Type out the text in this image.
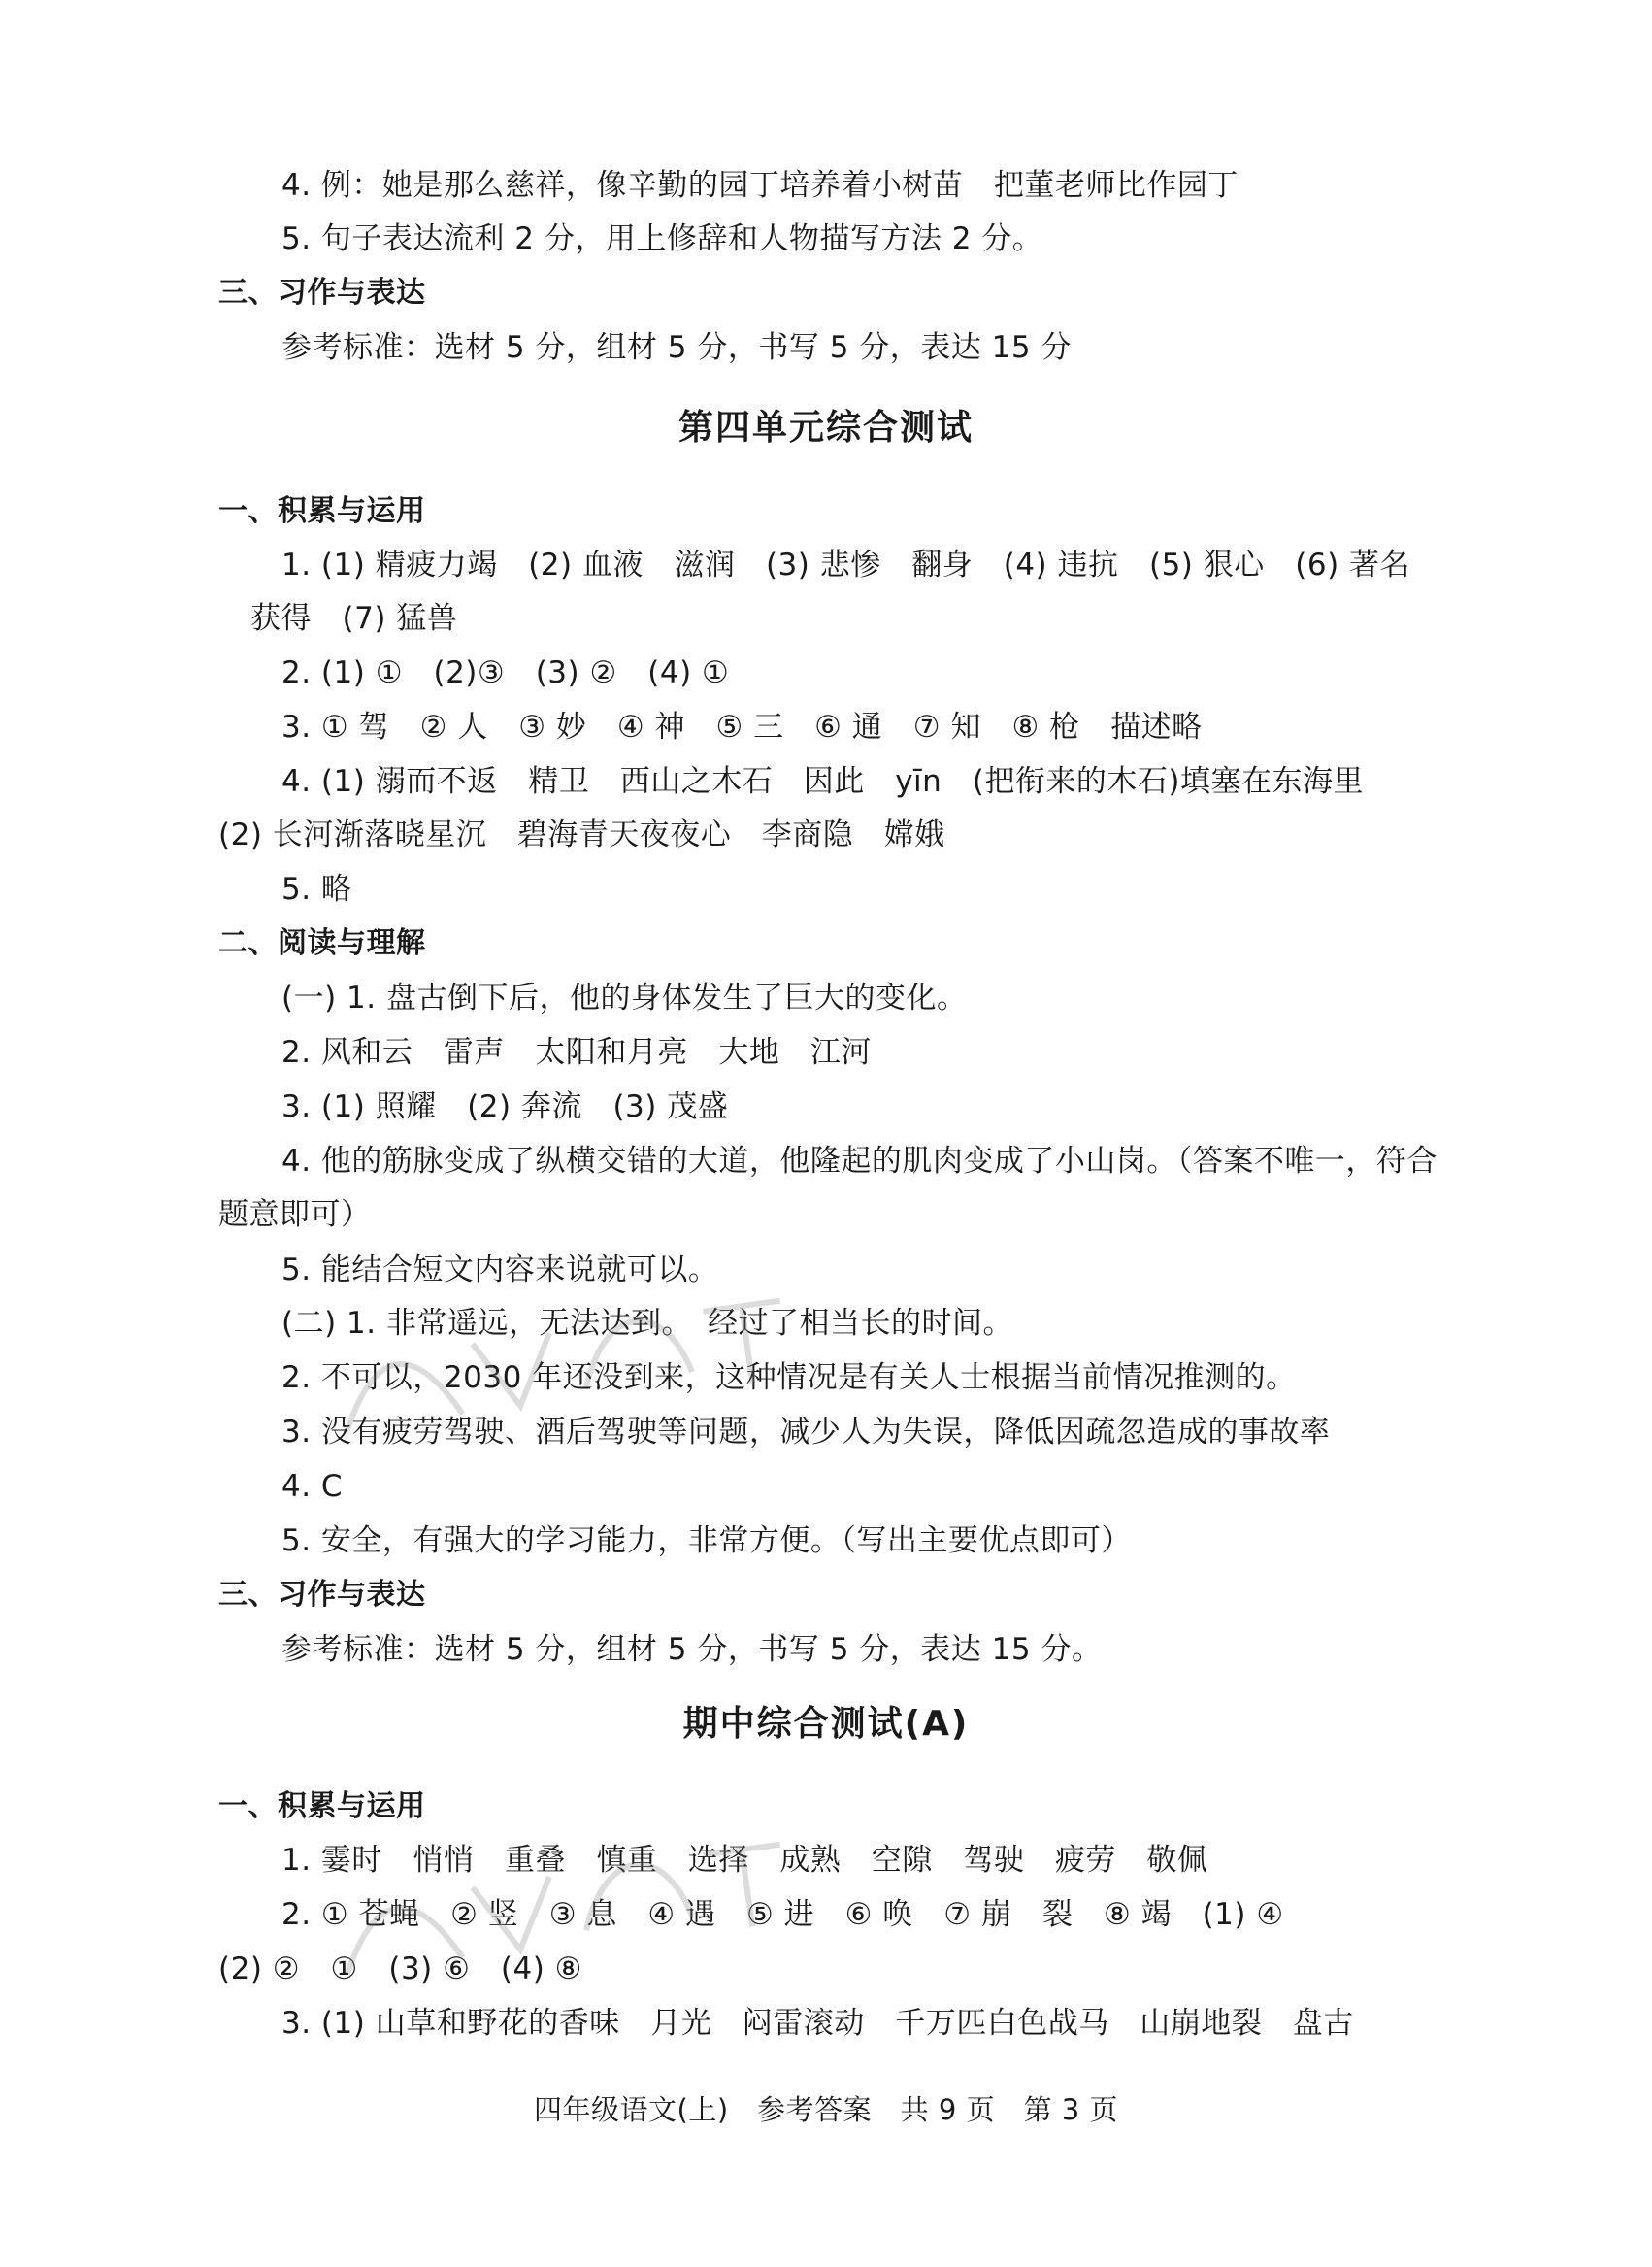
4. 例：她是那么慈祥，像辛勤的园丁培养着小树苗　把董老师比作园丁
5. 句子表达流利 2 分，用上修辞和人物描写方法 2 分。
三、习作与表达
参考标准：选材 5 分，组材 5 分，书写 5 分，表达 15 分
第四单元综合测试
一、积累与运用
1. (1) 精疲力竭　(2) 血液　滋润　(3) 悲惨　翻身　(4) 违抗　(5) 狠心　(6) 著名
获得　(7) 猛兽
2. (1) ①　(2)③　(3) ②　(4) ①
3. ① 驾　② 人　③ 妙　④ 神　⑤ 三　⑥ 通　⑦ 知　⑧ 枪　描述略
4. (1) 溺而不返　精卫　西山之木石　因此　yīn　(把衔来的木石)填塞在东海里
(2) 长河渐落晓星沉　碧海青天夜夜心　李商隐　嫦娥
5. 略
二、阅读与理解
(一) 1. 盘古倒下后，他的身体发生了巨大的变化。
2. 风和云　雷声　太阳和月亮　大地　江河
3. (1) 照耀　(2) 奔流　(3) 茂盛
4. 他的筋脉变成了纵横交错的大道，他隆起的肌肉变成了小山岗。（答案不唯一，符合
题意即可）
5. 能结合短文内容来说就可以。
(二) 1. 非常遥远，无法达到。　经过了相当长的时间。
2. 不可以，2030 年还没到来，这种情况是有关人士根据当前情况推测的。
3. 没有疲劳驾驶、酒后驾驶等问题，减少人为失误，降低因疏忽造成的事故率
4. C
5. 安全，有强大的学习能力，非常方便。（写出主要优点即可）
三、习作与表达
参考标准：选材 5 分，组材 5 分，书写 5 分，表达 15 分。
期中综合测试(A)
一、积累与运用
1. 霎时　悄悄　重叠　慎重　选择　成熟　空隙　驾驶　疲劳　敬佩
2. ① 苍蝇　② 竖　③ 息　④ 遇　⑤ 进　⑥ 唤　⑦ 崩　裂　⑧ 竭　(1) ④
(2) ②　①　(3) ⑥　(4) ⑧
3. (1) 山草和野花的香味　月光　闷雷滚动　千万匹白色战马　山崩地裂　盘古
四年级语文(上)　参考答案　共 9 页　第 3 页
